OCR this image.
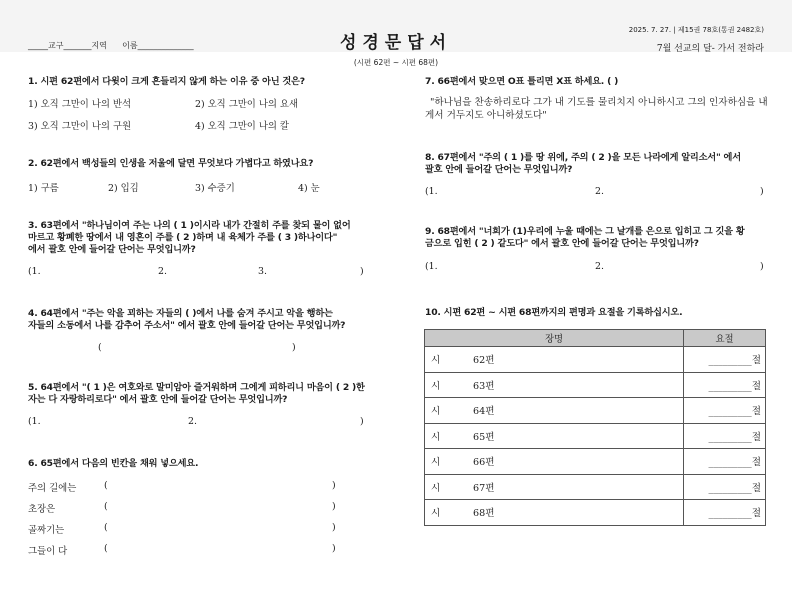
_____교구_______지역      이름______________	성경문답서
2025. 7. 27. | 제15권 78호(통권 2482호)
7월 선교의 달- 가서 전하라
(시편 62편 ~ 시편 68편)
1. 시편 62편에서 다윗이 크게 흔들리지 않게 하는 이유 중 아닌 것은?
1) 오직 그만이 나의 반석	2) 오직 그만이 나의 요새
3) 오직 그만이 나의 구원	4) 오직 그만이 나의 칼
2. 62편에서 백성들의 인생을 저울에 달면 무엇보다 가볍다고 하였나요?
1) 구름	2) 입김	3) 수증기	4) 눈
3. 63편에서 "하나님이여 주는 나의 ( 1 )이시라 내가 간절히 주를 찾되 물이 없어
마르고 황폐한 땅에서 내 영혼이 주를 ( 2 )하며 내 육체가 주를 ( 3 )하나이다"
에서 괄호 안에 들어갈 단어는 무엇입니까?
(1.	2.	3.	)
4. 64편에서 "주는 악을 꾀하는 자들의 ( )에서 나를 숨겨 주시고 악을 행하는
자들의 소동에서 나를 감추어 주소서" 에서 괄호 안에 들어갈 단어는 무엇입니까?
(	)
5. 64편에서 "( 1 )은 여호와로 말미암아 즐거워하며 그에게 피하리니 마음이 ( 2 )한
자는 다 자랑하리로다" 에서 괄호 안에 들어갈 단어는 무엇입니까?
(1.	2.	)
6. 65편에서 다음의 빈칸을 채워 넣으세요.
주의 길에는	(	)
초장은	(	)
골짜기는	(	)
그들이 다	(	)
7. 66편에서 맞으면 O표 틀리면 X표 하세요. ( )
"하나님을 찬송하리로다 그가 내 기도를 물리치지 아니하시고 그의 인자하심을 내
게서 거두지도 아니하셨도다"
8. 67편에서 "주의 ( 1 )를 땅 위에, 주의 ( 2 )을 모든 나라에게 알리소서" 에서
괄호 안에 들어갈 단어는 무엇입니까?
(1.	2.	)
9. 68편에서 "너희가 (1)우리에 누울 때에는 그 날개를 은으로 입히고 그 깃을 황
금으로 입힌 ( 2 ) 같도다" 에서 괄호 안에 들어갈 단어는 무엇입니까?
(1.	2.	)
10. 시편 62편 ~ 시편 68편까지의 편명과 요절을 기록하십시오.
장명	요절
시 62편	_________절
시 63편	_________절
시 64편	_________절
시 65편	_________절
시 66편	_________절
시 67편	_________절
시 68편	_________절
